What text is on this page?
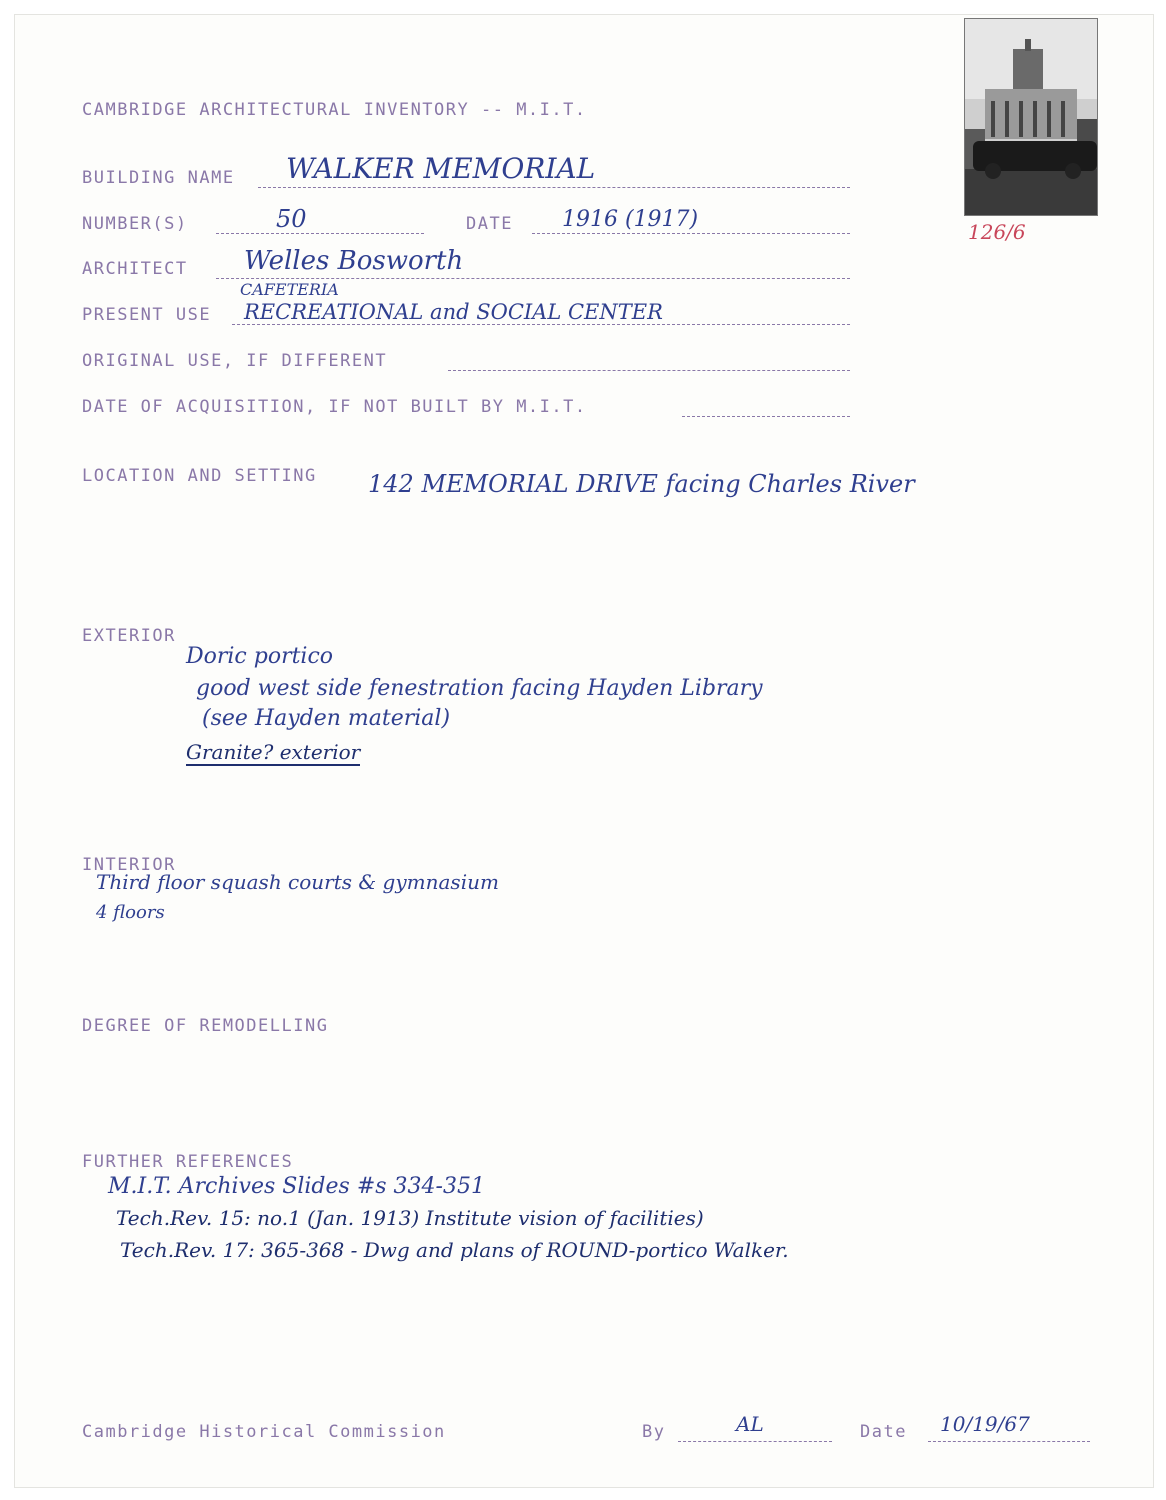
126/6
CAMBRIDGE ARCHITECTURAL INVENTORY -- M.I.T.
BUILDING NAME WALKER MEMORIAL
NUMBER(S)	50	DATE 1916 (1917)
ARCHITECT Welles Bosworth
PRESENT USE
CAFETERIA
RECREATIONAL and SOCIAL CENTER
ORIGINAL USE, IF DIFFERENT
DATE OF ACQUISITION, IF NOT BUILT BY M.I.T.
LOCATION AND SETTING 142 MEMORIAL DRIVE facing Charles River
EXTERIOR
Doric portico
good west side fenestration facing Hayden Library
(see Hayden material)
Granite? exterior
INTERIOR
Third floor squash courts & gymnasium
4 floors
DEGREE OF REMODELLING
FURTHER REFERENCES
M.I.T. Archives Slides #s 334-351
Tech.Rev. 15: no.1 (Jan. 1913) Institute vision of facilities)
Tech.Rev. 17: 365-368 - Dwg and plans of ROUND-portico Walker.
Cambridge Historical Commission	By	AL	Date 10/19/67
